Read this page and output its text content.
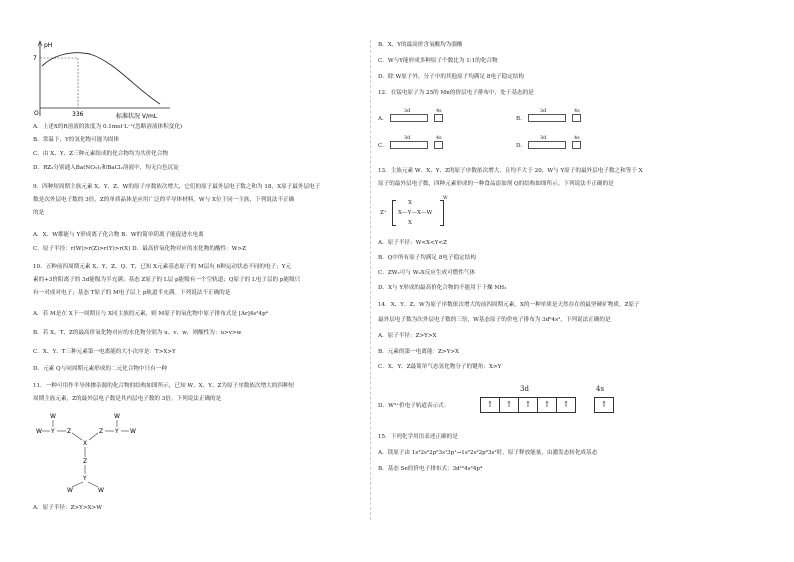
pH
7
O	336	标准状况 V/mL
A．上述X的R溶液的浓度为 0.1mol·L⁻¹(忽略溶液体积变化)
B．常温下，Y的氢化物可能为固体
C．由 X、Y、Z三种元素组成的化合物均为共价化合物
D．RZ₂分别通入Ba(NO₃)₂和BaCl₂溶液中，均无白色沉淀
9．四种短周期主族元素 X、Y、Z、W的原子序数依次增大，它们的原子最外层电子数之和为 18，X原子最外层电子
数是次外层电子数的 3倍，Z的单质晶体是应用广泛的半导体材料，W与 X位于同一主族，下列说法不正确
的是
A．X、W都能与 Y形成离子化合物 B．W的简单阴离子能促进水电离
C．原子半径：r(W)>r(Z)>r(Y)>r(X) D．最高价氧化物对应的水化物的酸性：W>Z
10．五种前四周期元素 X、Y、Z、Q、T，已知 X元素基态原子的 M层有 6种运动状态不同的电子；Y元
素的+3价阳离子的 3d能级为半充满；基态 Z原子的 L层 p能级有一个空轨道；Q原子的 L电子层的 p能级只
有一对成对电子；基态 T原子的 M电子层上 p轨道半充满。下列说法不正确的是
A．若 M是在 X下一周期且与 X同主族的元素，则 M原子的氧化物中原子排布式是 [Ar]4s²4p⁴
B．若 X、T、Z的最高价氧化物对应的水化物分别为 u、v、w，则酸性为：u>v>w
C．X、Y、T三种元素第一电离能的大小次序是：T>X>Y
D．元素 Q与同周期元素形成的二元化合物中只有一种
11．一种可用作半导体掺杂源的化合物的结构如图所示，已知 W、X、Y、Z为原子序数依次增大的四种短
周期主族元素，Z的最外层电子数是其内层电子数的 3倍。下列说法正确的是
W Y Z
X
Z Y W
W	W
Z
Y
W	W
A．原子半径：Z>Y>X>W
B．X、Y的最高价含氧酸均为强酸
C．W与Y能形成多种原子个数比为 1:1的化合物
D．除 W原子外，分子中的其他原子均满足 8电子稳定结构
12．在锰电原子为 25的 Mn的价层电子排布中，处于基态的是
A．
3d	4s
B．
3d	4s
C．
3d	4s
D．
3d	4s
13．主族元素 W、X、Y、Z的原子序数依次增大，且均不大于 20，W与 Y原子的最外层电子数之和等于 X
原子的最外层电子数，四种元素形成的一种食品添加剂 Q的结构如图所示。下列说法不正确的是
Z⁺
X
X—Y—X—W
X
W
A．原子半径：W<X<Y<Z
B．Q中所有原子均满足 8电子稳定结构
C．ZW₂可与 W₂X反应生成可燃性气体
D．X与 Y形成的最高价化合物的不能用于干燥 NH₃
14．X、Y、Z、W为原子序数依次增大的前四周期元素，X的一种单质是天然存在的最坚硬矿物质，Z原子
最外层电子数为次外层电子数的三倍，W基态原子的价电子排布为 3d⁶4s²，下列说法正确的是
A．原子半径：Z>Y>X
B．元素的第一电离能：Z>Y>X
C．X、Y、Z最简单气态氢化物分子的键角：X>Y
D．W³⁺价电子轨道表示式：
3d	4s
↑	↑	↑	↑	↑	↑
15．下列化学用语表述正确的是
A．镁原子由 1s²2s²2p⁶3s¹3p¹→1s²2s²2p⁶3s²时，原子释放能量，由激发态转化成基态
B．基态 Se的价电子排布式：3d¹⁰4s²4p⁴
